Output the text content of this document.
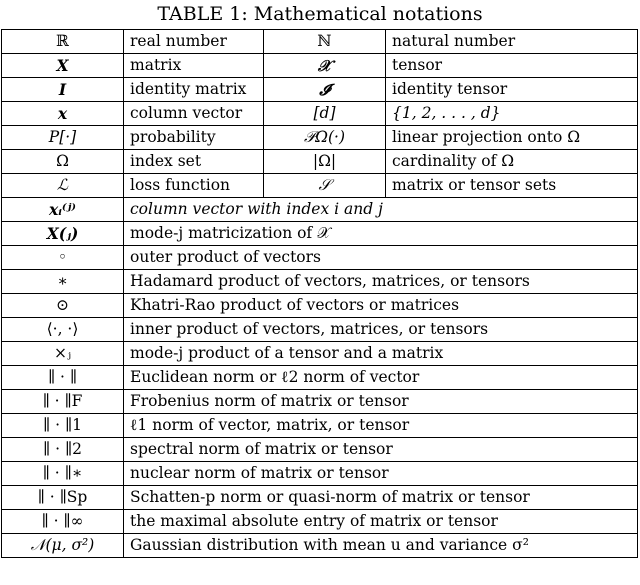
TABLE 1: Mathematical notations
ℝ	real number	ℕ	natural number
𝑿	matrix	𝒳	tensor
𝑰	identity matrix	𝓘	identity tensor
𝒙	column vector	[d]	{1, 2, . . . , d}
P[·]	probability	𝒫Ω(·)	linear projection onto Ω
Ω	index set	|Ω|	cardinality of Ω
ℒ	loss function	𝒮	matrix or tensor sets
𝒙ᵢ⁽ʲ⁾	column vector with index i and j		
𝑿(ⱼ)	mode-j matricization of 𝒳		
◦	outer product of vectors		
∗	Hadamard product of vectors, matrices, or tensors		
⊙	Khatri-Rao product of vectors or matrices		
⟨·, ·⟩	inner product of vectors, matrices, or tensors		
×ⱼ	mode-j product of a tensor and a matrix		
∥ · ∥	Euclidean norm or ℓ2 norm of vector		
∥ · ∥F	Frobenius norm of matrix or tensor		
∥ · ∥1	ℓ1 norm of vector, matrix, or tensor		
∥ · ∥2	spectral norm of matrix or tensor		
∥ · ∥∗	nuclear norm of matrix or tensor		
∥ · ∥Sp	Schatten-p norm or quasi-norm of matrix or tensor		
∥ · ∥∞	the maximal absolute entry of matrix or tensor		
𝒩(μ, σ²)	Gaussian distribution with mean u and variance σ²		
